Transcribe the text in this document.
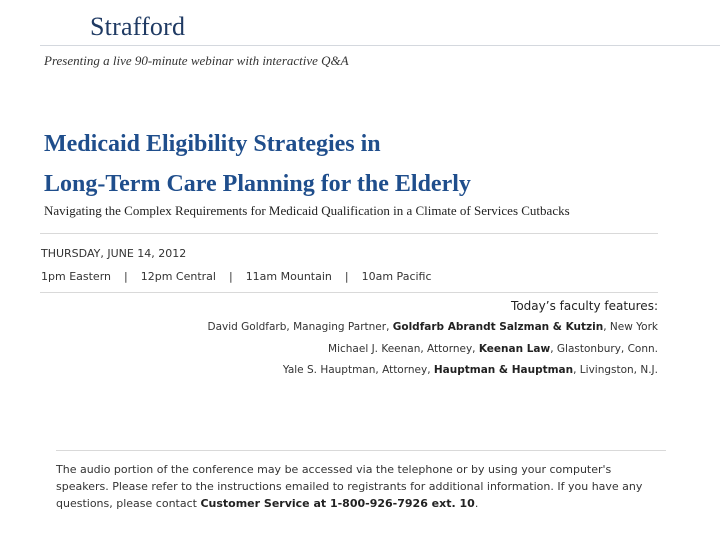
Strafford
Presenting a live 90-minute webinar with interactive Q&A
Medicaid Eligibility Strategies in
Long-Term Care Planning for the Elderly
Navigating the Complex Requirements for Medicaid Qualification in a Climate of Services Cutbacks
THURSDAY, JUNE 14, 2012
1pm Eastern | 12pm Central | 11am Mountain | 10am Pacific
Today’s faculty features:
David Goldfarb, Managing Partner, Goldfarb Abrandt Salzman & Kutzin, New York
Michael J. Keenan, Attorney, Keenan Law, Glastonbury, Conn.
Yale S. Hauptman, Attorney, Hauptman & Hauptman, Livingston, N.J.
The audio portion of the conference may be accessed via the telephone or by using your computer's speakers. Please refer to the instructions emailed to registrants for additional information. If you have any questions, please contact Customer Service at 1-800-926-7926 ext. 10.
